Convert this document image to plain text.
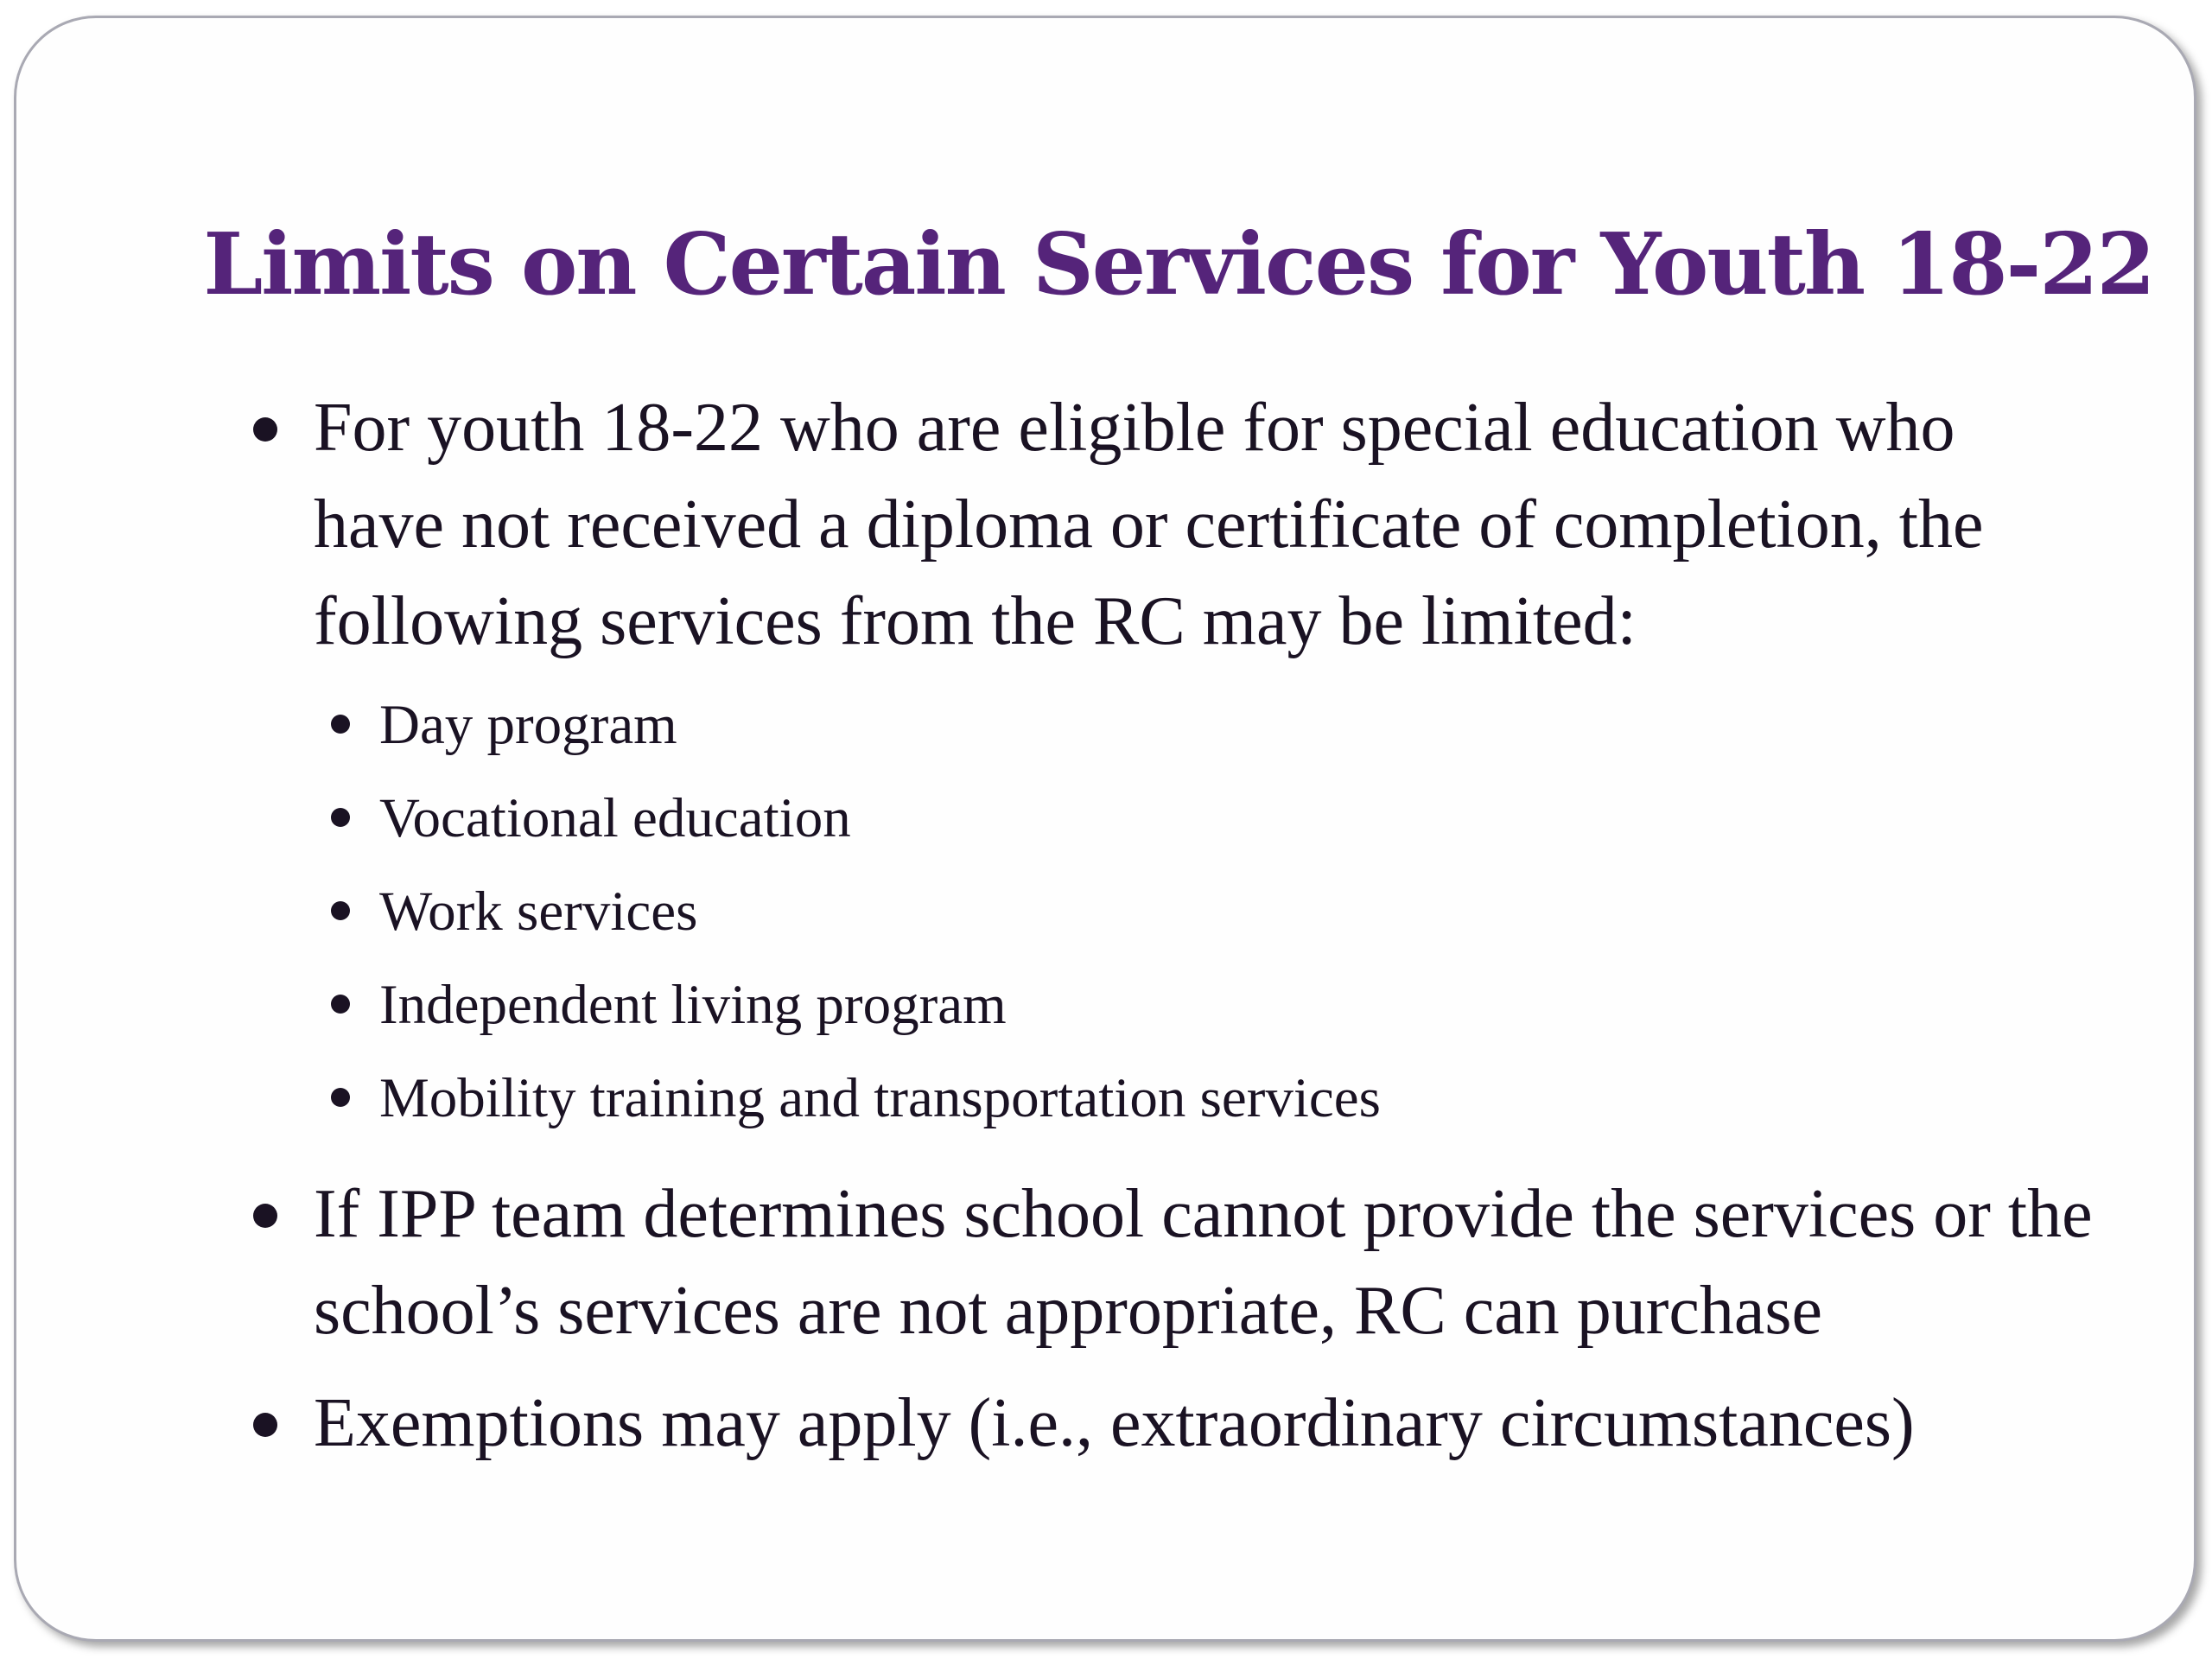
Limits on Certain Services for Youth 18-22

For youth 18-22 who are eligible for special education who have not received a diploma or certificate of completion, the following services from the RC may be limited:

Day program

Vocational education

Work services

Independent living program

Mobility training and transportation services

If IPP team determines school cannot provide the services or the school’s services are not appropriate, RC can purchase

Exemptions may apply (i.e., extraordinary circumstances)
